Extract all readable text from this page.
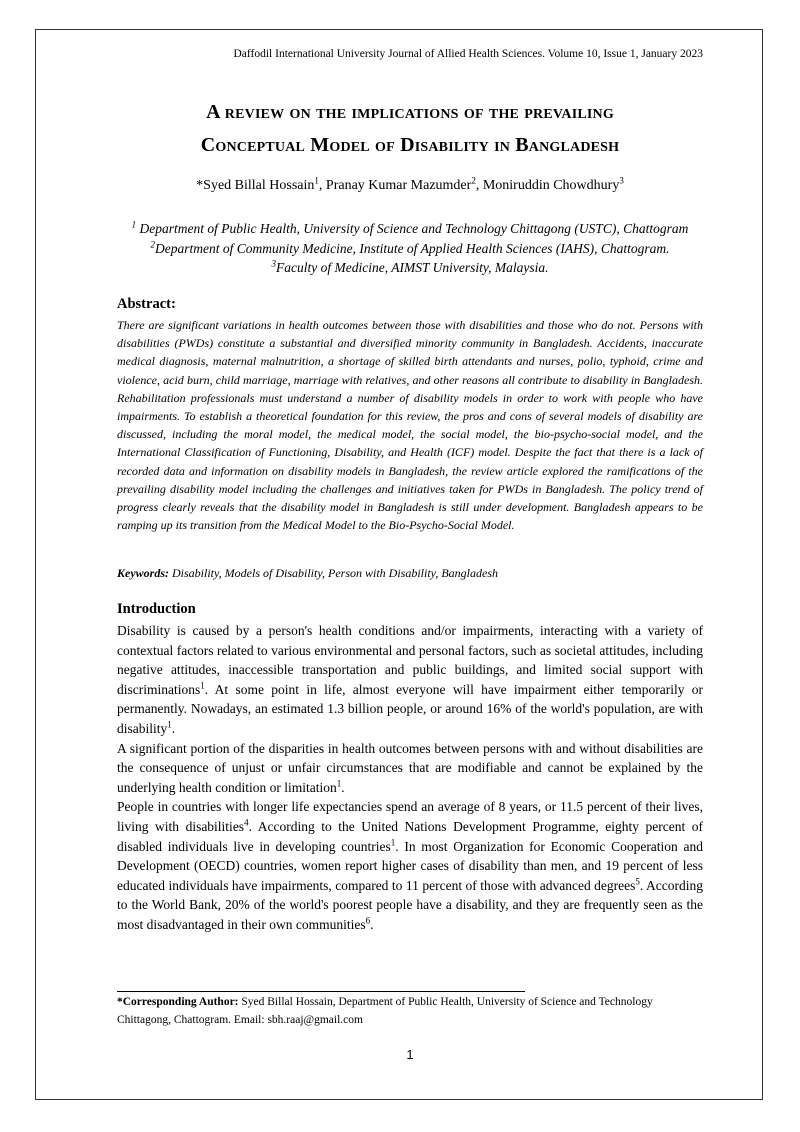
Daffodil International University Journal of Allied Health Sciences. Volume 10, Issue 1, January 2023
A review on the implications of the prevailing
Conceptual Model of Disability in Bangladesh
*Syed Billal Hossain$^1$, Pranay Kumar Mazumder$^2$, Moniruddin Chowdhury$^3$
$^1$ Department of Public Health, University of Science and Technology Chittagong (USTC), Chattogram
$^2$Department of Community Medicine, Institute of Applied Health Sciences (IAHS), Chattogram.
$^3$Faculty of Medicine, AIMST University, Malaysia.
Abstract:
There are significant variations in health outcomes between those with disabilities and those who do not. Persons with disabilities (PWDs) constitute a substantial and diversified minority community in Bangladesh. Accidents, inaccurate medical diagnosis, maternal malnutrition, a shortage of skilled birth attendants and nurses, polio, typhoid, crime and violence, acid burn, child marriage, marriage with relatives, and other reasons all contribute to disability in Bangladesh. Rehabilitation professionals must understand a number of disability models in order to work with people who have impairments. To establish a theoretical foundation for this review, the pros and cons of several models of disability are discussed, including the moral model, the medical model, the social model, the bio-psycho-social model, and the International Classification of Functioning, Disability, and Health (ICF) model. Despite the fact that there is a lack of recorded data and information on disability models in Bangladesh, the review article explored the ramifications of the prevailing disability model including the challenges and initiatives taken for PWDs in Bangladesh. The policy trend of progress clearly reveals that the disability model in Bangladesh is still under development. Bangladesh appears to be ramping up its transition from the Medical Model to the Bio-Psycho-Social Model.
Keywords: Disability, Models of Disability, Person with Disability, Bangladesh
Introduction

Disability is caused by a person's health conditions and/or impairments, interacting with a variety of contextual factors related to various environmental and personal factors, such as societal attitudes, including negative attitudes, inaccessible transportation and public buildings, and limited social support with discriminations$^1$. At some point in life, almost everyone will have impairment either temporarily or permanently. Nowadays, an estimated 1.3 billion people, or around 16% of the world's population, are with disability$^1$.

A significant portion of the disparities in health outcomes between persons with and without disabilities are the consequence of unjust or unfair circumstances that are modifiable and cannot be explained by the underlying health condition or limitation$^1$.

People in countries with longer life expectancies spend an average of 8 years, or 11.5 percent of their lives, living with disabilities$^4$. According to the United Nations Development Programme, eighty percent of disabled individuals live in developing countries$^1$. In most Organization for Economic Cooperation and Development (OECD) countries, women report higher cases of disability than men, and 19 percent of less educated individuals have impairments, compared to 11 percent of those with advanced degrees$^5$. According to the World Bank, 20% of the world's poorest people have a disability, and they are frequently seen as the most disadvantaged in their own communities$^6$.

*Corresponding Author: Syed Billal Hossain, Department of Public Health, University of Science and Technology Chittagong, Chattogram. Email: sbh.raaj@gmail.com
1
